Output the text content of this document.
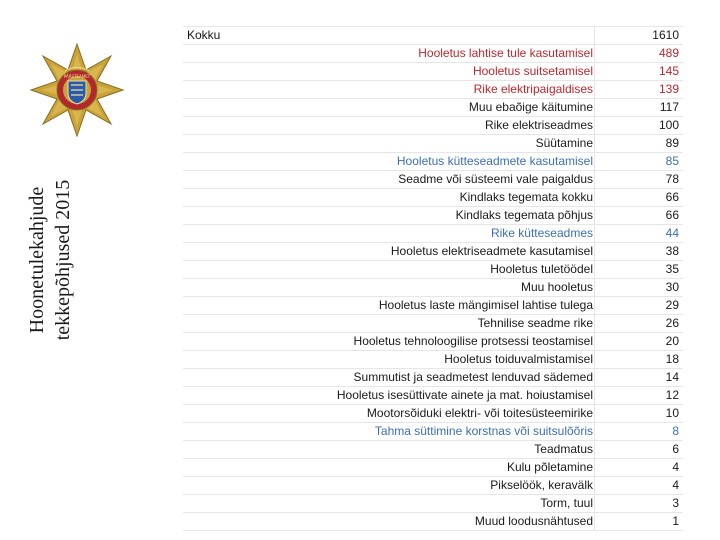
PÄÄSTEAMET
Hoonetulekahjude tekkepõhjused 2015
Kokku	1610
Hooletus lahtise tule kasutamisel	489
Hooletus suitsetamisel	145
Rike elektripaigaldises	139
Muu ebaõige käitumine	117
Rike elektriseadmes	100
Süütamine	89
Hooletus kütteseadmete kasutamisel	85
Seadme või süsteemi vale paigaldus	78
Kindlaks tegemata kokku	66
Kindlaks tegemata põhjus	66
Rike kütteseadmes	44
Hooletus elektriseadmete kasutamisel	38
Hooletus tuletöödel	35
Muu hooletus	30
Hooletus laste mängimisel lahtise tulega	29
Tehnilise seadme rike	26
Hooletus tehnoloogilise protsessi teostamisel	20
Hooletus toiduvalmistamisel	18
Summutist ja seadmetest lenduvad sädemed	14
Hooletus isesüttivate ainete ja mat. hoiustamisel	12
Mootorsõiduki elektri- või toitesüsteemirike	10
Tahma süttimine korstnas või suitsulõõris	8
Teadmatus	6
Kulu põletamine	4
Pikselöök, keravälk	4
Torm, tuul	3
Muud loodusnähtused	1
